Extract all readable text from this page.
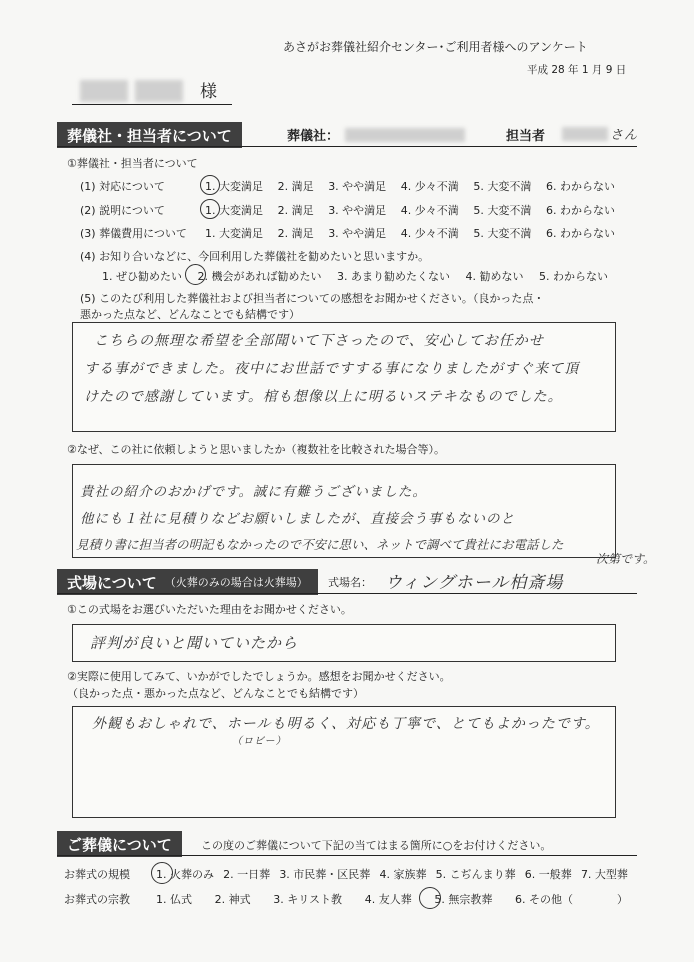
あさがお葬儀社紹介センター･ご利用者様へのアンケート
平成 28 年 1 月 9 日
様
葬儀社・担当者について	葬儀社：	担当者	さん
①葬儀社・担当者について
(1) 対応について	1. 大変満足 2. 満足 3. やや満足 4. 少々不満 5. 大変不満 6. わからない
(2) 説明について	1. 大変満足 2. 満足 3. やや満足 4. 少々不満 5. 大変不満 6. わからない
(3) 葬儀費用について 1. 大変満足 2. 満足 3. やや満足 4. 少々不満 5. 大変不満 6. わからない
(4) お知り合いなどに、今回利用した葬儀社を勧めたいと思いますか。
1. ぜひ勧めたい 2. 機会があれば勧めたい 3. あまり勧めたくない 4. 勧めない 5. わからない
(5) このたび利用した葬儀社および担当者についての感想をお聞かせください。（良かった点・
悪かった点など、どんなことでも結構です）
こちらの無理な希望を全部聞いて下さったので、安心してお任かせ
する事ができました。夜中にお世話ですする事になりましたがすぐ来て頂
けたので感謝しています。棺も想像以上に明るいステキなものでした。
②なぜ、この社に依頼しようと思いましたか（複数社を比較された場合等）。
貴社の紹介のおかげです。誠に有難うございました。
他にも１社に見積りなどお願いしましたが、直接会う事もないのと
見積り書に担当者の明記もなかったので不安に思い、ネットで調べて貴社にお電話した
次第です。
式場について （火葬のみの場合は火葬場） 式場名： ウィングホール柏斎場
①この式場をお選びいただいた理由をお聞かせください。
評判が良いと聞いていたから
②実際に使用してみて、いかがでしたでしょうか。感想をお聞かせください。
（良かった点・悪かった点など、どんなことでも結構です）
外観もおしゃれで、ホールも明るく、対応も丁寧で、とてもよかったです。
（ロビー）
ご葬儀について	この度のご葬儀について下記の当てはまる箇所に○をお付けください。
お葬式の規模 1. 火葬のみ 2. 一日葬 3. 市民葬・区民葬 4. 家族葬 5. こぢんまり葬 6. 一般葬 7. 大型葬
お葬式の宗教 1. 仏式 2. 神式 3. キリスト教 4. 友人葬 5. 無宗教葬 6. その他（　　　　）
